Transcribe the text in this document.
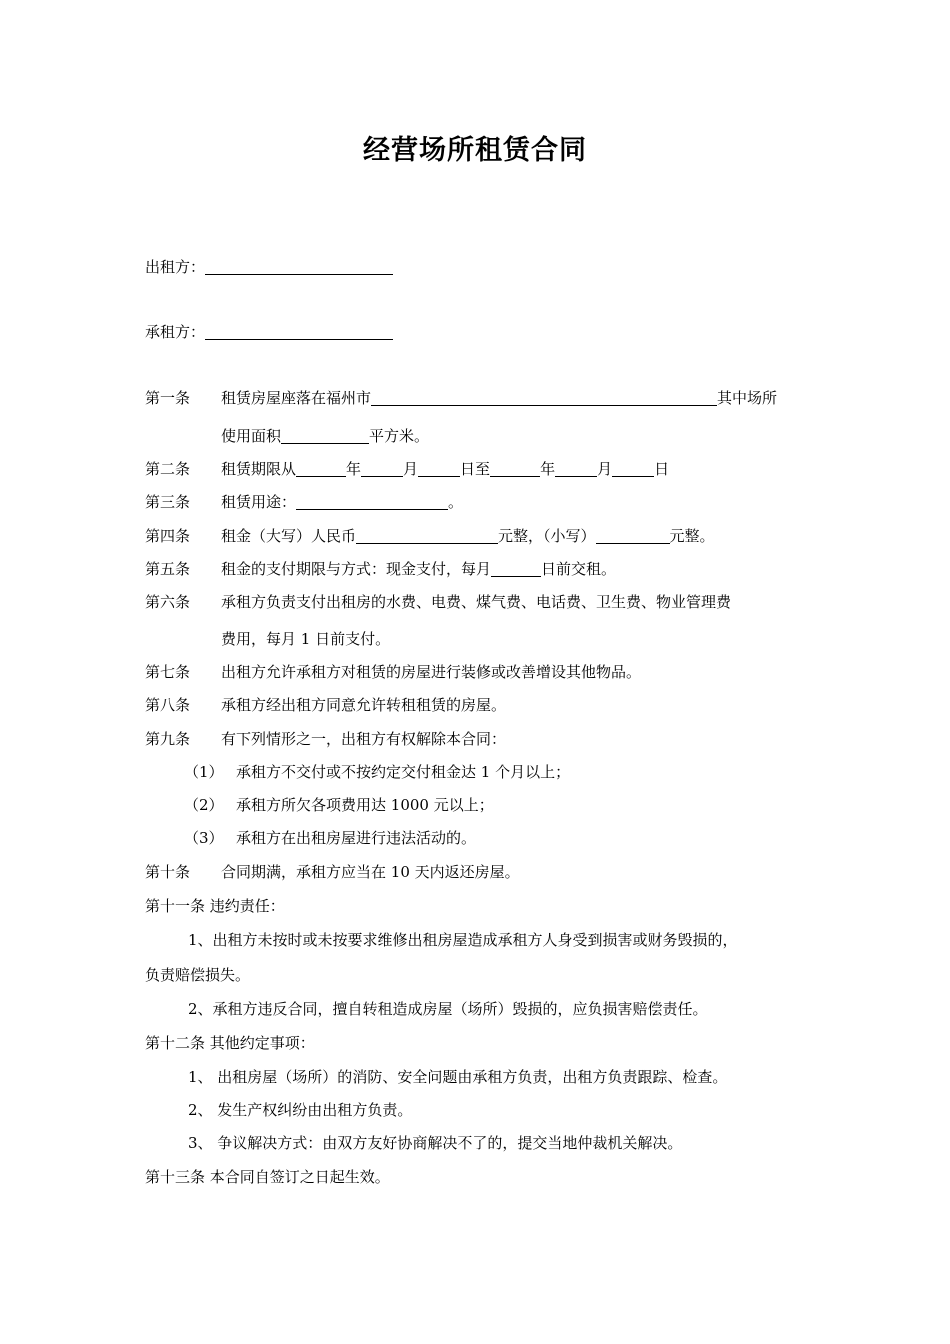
经营场所租赁合同
出租方：
承租方：
第一条 租赁房屋座落在福州市	其中场所
使用面积	平方米。
第二条 租赁期限从	年	月	日至	年	月	日
第三条 租赁用途：	。
第四条 租金（大写）人民币	元整，（小写）	元整。
第五条 租金的支付期限与方式：现金支付，每月	日前交租。
第六条 承租方负责支付出租房的水费、电费、煤气费、电话费、卫生费、物业管理费
费用，每月 1 日前支付。
第七条 出租方允许承租方对租赁的房屋进行装修或改善增设其他物品。
第八条 承租方经出租方同意允许转租租赁的房屋。
第九条 有下列情形之一，出租方有权解除本合同：
（1） 承租方不交付或不按约定交付租金达 1 个月以上；
（2） 承租方所欠各项费用达 1000 元以上；
（3） 承租方在出租房屋进行违法活动的。
第十条 合同期满，承租方应当在 10 天内返还房屋。
第十一条 违约责任：
1、出租方未按时或未按要求维修出租房屋造成承租方人身受到损害或财务毁损的，
负责赔偿损失。
2、承租方违反合同，擅自转租造成房屋（场所）毁损的，应负损害赔偿责任。
第十二条 其他约定事项：
1、 出租房屋（场所）的消防、安全问题由承租方负责，出租方负责跟踪、检查。
2、 发生产权纠纷由出租方负责。
3、 争议解决方式：由双方友好协商解决不了的，提交当地仲裁机关解决。
第十三条 本合同自签订之日起生效。
